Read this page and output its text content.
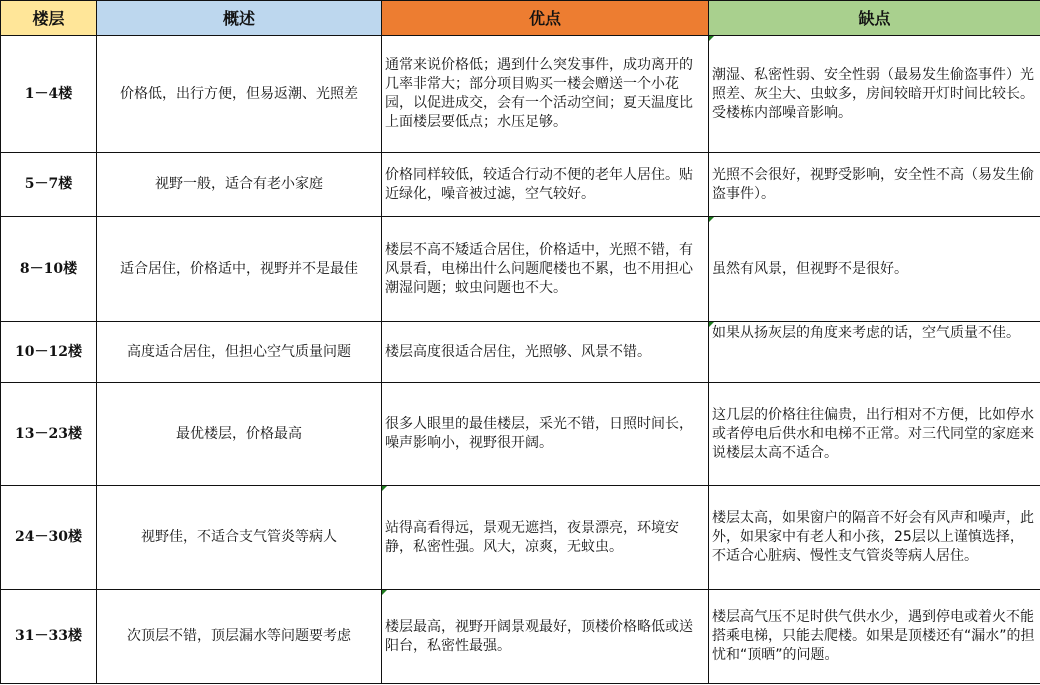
楼层	概述	优点	缺点
1－4楼	价格低，出行方便，但易返潮、光照差	通常来说价格低；遇到什么突发事件，成功离开的几率非常大；部分项目购买一楼会赠送一个小花园，以促进成交，会有一个活动空间；夏天温度比上面楼层要低点；水压足够。	潮湿、私密性弱、安全性弱（最易发生偷盗事件）光照差、灰尘大、虫蚊多，房间较暗开灯时间比较长。受楼栋内部噪音影响。
5－7楼	视野一般，适合有老小家庭	价格同样较低，较适合行动不便的老年人居住。贴近绿化，噪音被过滤，空气较好。	光照不会很好，视野受影响，安全性不高（易发生偷盗事件）。
8－10楼	适合居住，价格适中，视野并不是最佳	楼层不高不矮适合居住，价格适中，光照不错，有风景看，电梯出什么问题爬楼也不累，也不用担心潮湿问题；蚊虫问题也不大。	虽然有风景，但视野不是很好。
10－12楼	高度适合居住，但担心空气质量问题	楼层高度很适合居住，光照够、风景不错。	如果从扬灰层的角度来考虑的话，空气质量不佳。
13－23楼	最优楼层，价格最高	很多人眼里的最佳楼层，采光不错，日照时间长，噪声影响小，视野很开阔。	这几层的价格往往偏贵，出行相对不方便，比如停水或者停电后供水和电梯不正常。对三代同堂的家庭来说楼层太高不适合。
24－30楼	视野佳，不适合支气管炎等病人	站得高看得远，景观无遮挡，夜景漂亮，环境安静，私密性强。风大，凉爽，无蚊虫。	楼层太高，如果窗户的隔音不好会有风声和噪声，此外，如果家中有老人和小孩，25层以上谨慎选择，不适合心脏病、慢性支气管炎等病人居住。
31－33楼	次顶层不错，顶层漏水等问题要考虑	楼层最高，视野开阔景观最好，顶楼价格略低或送阳台，私密性最强。	楼层高气压不足时供气供水少，遇到停电或着火不能搭乘电梯，只能去爬楼。如果是顶楼还有“漏水”的担忧和“顶晒”的问题。
